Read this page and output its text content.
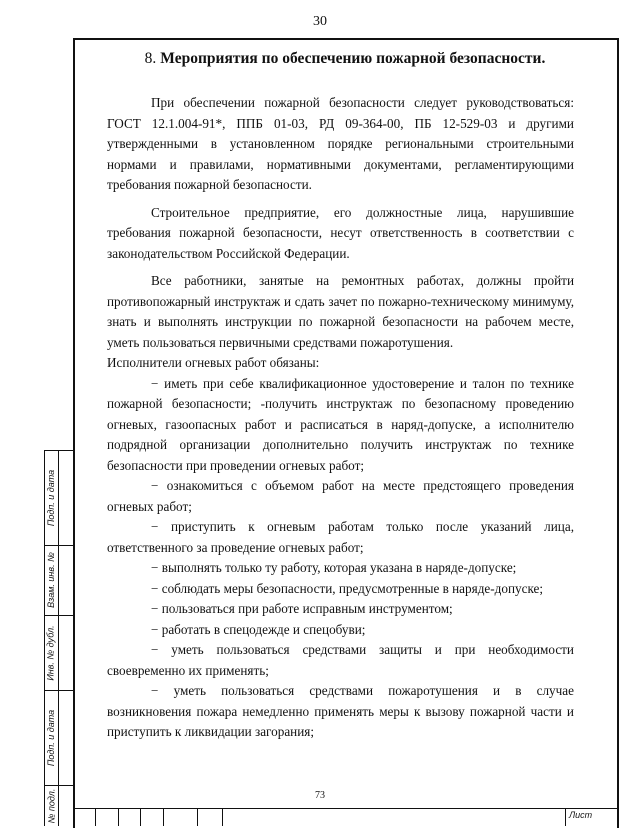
30
Подп. и дата
Взам. инв. №
Инв. № дубл.
Подп. и дата
№ подл.
8. Мероприятия по обеспечению пожарной безопасности.

При обеспечении пожарной безопасности следует руководствоваться: ГОСТ 12.1.004-91*, ППБ 01-03, РД 09-364-00, ПБ 12-529-03 и другими утвержденными в установленном порядке региональными строительными нормами и правилами, нормативными документами, регламентирующими требования пожарной безопасности.

Строительное предприятие, его должностные лица, нарушившие требования пожарной безопасности, несут ответственность в соответствии с законодательством Российской Федерации.

Все работники, занятые на ремонтных работах, должны пройти противопожарный инструктаж и сдать зачет по пожарно-техническому минимуму, знать и выполнять инструкции по пожарной безопасности на рабочем месте, уметь пользоваться первичными средствами пожаротушения.

Исполнители огневых работ обязаны:

− иметь при себе квалификационное удостоверение и талон по технике пожарной безопасности; -получить инструктаж по безопасному проведению огневых, газоопасных работ и расписаться в наряд-допуске, а исполнителю подрядной организации дополнительно получить инструктаж по технике безопасности при проведении огневых работ;

− ознакомиться с объемом работ на месте предстоящего проведения огневых работ;

− приступить к огневым работам только после указаний лица, ответственного за проведение огневых работ;

− выполнять только ту работу, которая указана в наряде-допуске;

− соблюдать меры безопасности, предусмотренные в наряде-допуске;

− пользоваться при работе исправным инструментом;

− работать в спецодежде и спецобуви;

− уметь пользоваться средствами защиты и при необходимости своевременно их применять;

− уметь пользоваться средствами пожаротушения и в случае возникновения пожара немедленно применять меры к вызову пожарной части и приступить к ликвидации загорания;

73
Лист
